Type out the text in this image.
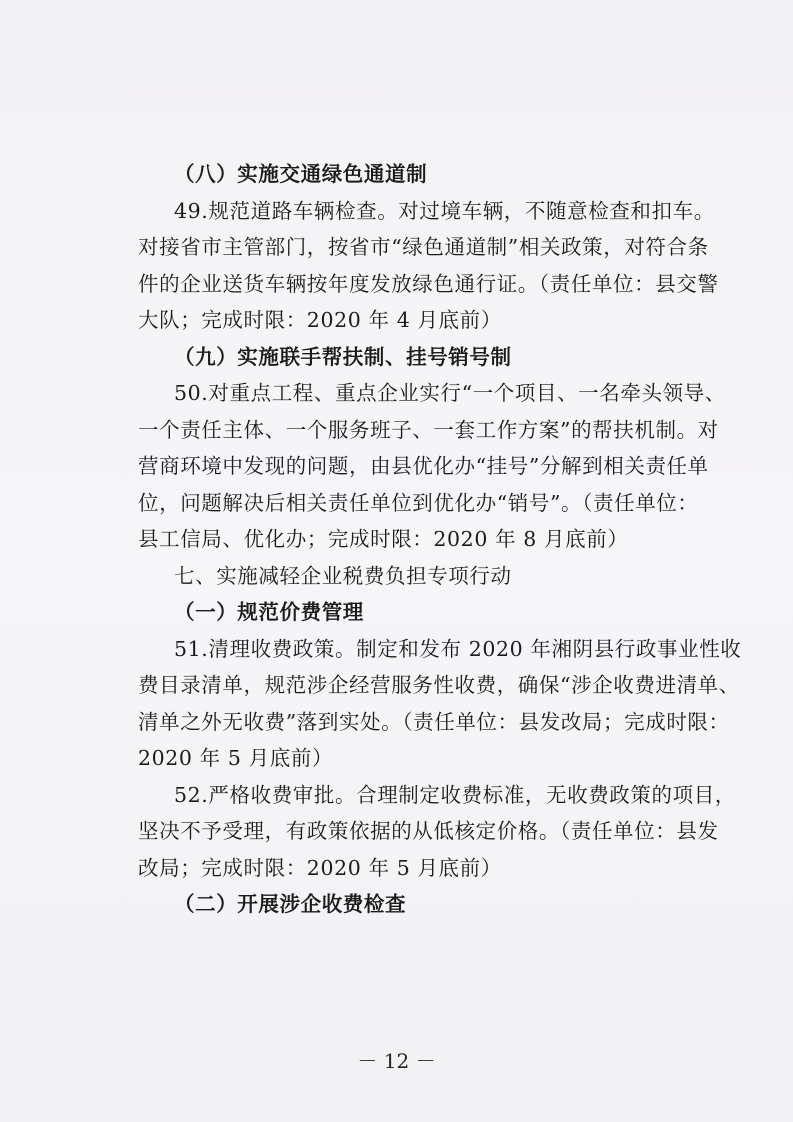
（八）实施交通绿色通道制
49.规范道路车辆检查。对过境车辆，不随意检查和扣车。
对接省市主管部门，按省市“绿色通道制”相关政策，对符合条
件的企业送货车辆按年度发放绿色通行证。（责任单位：县交警
大队；完成时限：2020 年 4 月底前）
（九）实施联手帮扶制、挂号销号制
50.对重点工程、重点企业实行“一个项目、一名牵头领导、
一个责任主体、一个服务班子、一套工作方案”的帮扶机制。对
营商环境中发现的问题，由县优化办“挂号”分解到相关责任单
位，问题解决后相关责任单位到优化办“销号”。（责任单位：
县工信局、优化办；完成时限：2020 年 8 月底前）
七、实施减轻企业税费负担专项行动
（一）规范价费管理
51.清理收费政策。制定和发布 2020 年湘阴县行政事业性收
费目录清单，规范涉企经营服务性收费，确保“涉企收费进清单、
清单之外无收费”落到实处。（责任单位：县发改局；完成时限：
2020 年 5 月底前）
52.严格收费审批。合理制定收费标准，无收费政策的项目，
坚决不予受理，有政策依据的从低核定价格。（责任单位：县发
改局；完成时限：2020 年 5 月底前）
（二）开展涉企收费检查
－ 12 －
